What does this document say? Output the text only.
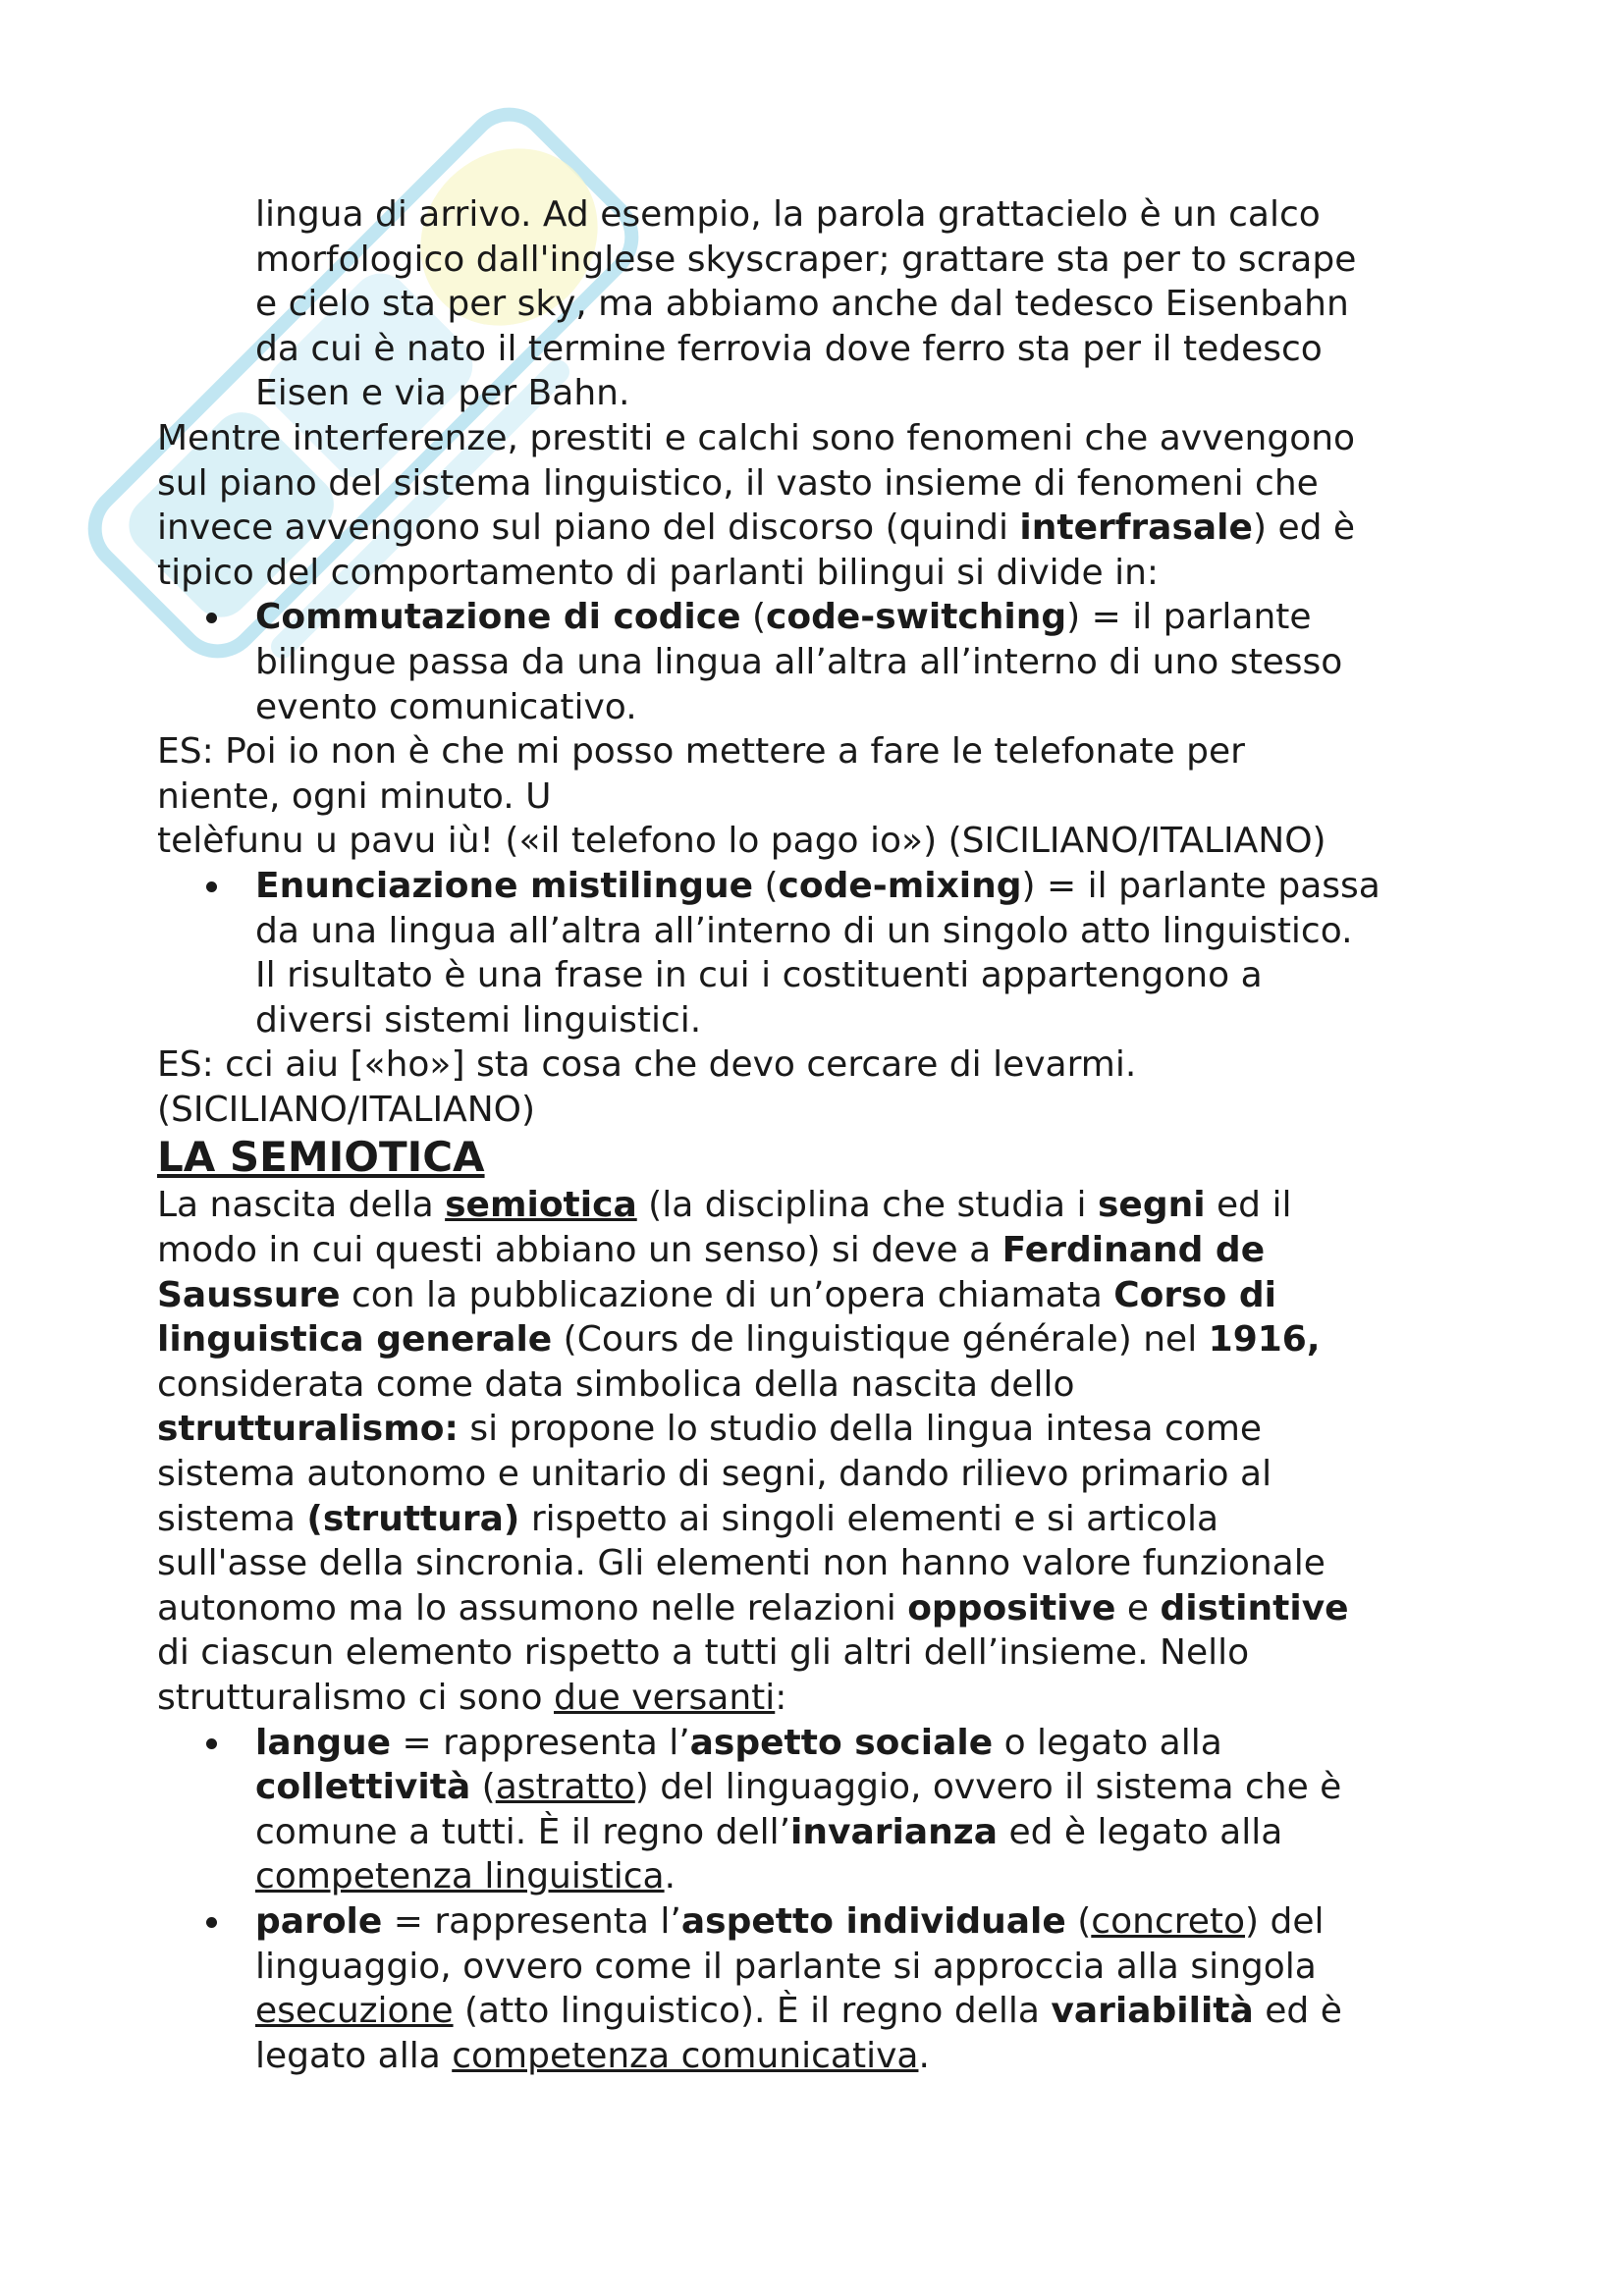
lingua di arrivo. Ad esempio, la parola grattacielo è un calco

morfologico dall'inglese skyscraper; grattare sta per to scrape

e cielo sta per sky, ma abbiamo anche dal tedesco Eisenbahn

da cui è nato il termine ferrovia dove ferro sta per il tedesco

Eisen e via per Bahn.

Mentre interferenze, prestiti e calchi sono fenomeni che avvengono

sul piano del sistema linguistico, il vasto insieme di fenomeni che

invece avvengono sul piano del discorso (quindi interfrasale) ed è

tipico del comportamento di parlanti bilingui si divide in:

Commutazione di codice (code-switching) = il parlante

bilingue passa da una lingua all’altra all’interno di uno stesso

evento comunicativo.

ES: Poi io non è che mi posso mettere a fare le telefonate per

niente, ogni minuto. U

telèfunu u pavu iù! («il telefono lo pago io») (SICILIANO/ITALIANO)

Enunciazione mistilingue (code-mixing) = il parlante passa

da una lingua all’altra all’interno di un singolo atto linguistico.

Il risultato è una frase in cui i costituenti appartengono a

diversi sistemi linguistici.

ES: cci aiu [«ho»] sta cosa che devo cercare di levarmi.

(SICILIANO/ITALIANO)

LA SEMIOTICA

La nascita della semiotica (la disciplina che studia i segni ed il

modo in cui questi abbiano un senso) si deve a Ferdinand de

Saussure con la pubblicazione di un’opera chiamata Corso di

linguistica generale (Cours de linguistique générale) nel 1916,

considerata come data simbolica della nascita dello

strutturalismo: si propone lo studio della lingua intesa come

sistema autonomo e unitario di segni, dando rilievo primario al

sistema (struttura) rispetto ai singoli elementi e si articola

sull'asse della sincronia. Gli elementi non hanno valore funzionale

autonomo ma lo assumono nelle relazioni oppositive e distintive

di ciascun elemento rispetto a tutti gli altri dell’insieme. Nello

strutturalismo ci sono due versanti:

langue = rappresenta l’aspetto sociale o legato alla

collettività (astratto) del linguaggio, ovvero il sistema che è

comune a tutti. È il regno dell’invarianza ed è legato alla

competenza linguistica.

parole = rappresenta l’aspetto individuale (concreto) del

linguaggio, ovvero come il parlante si approccia alla singola

esecuzione (atto linguistico). È il regno della variabilità ed è

legato alla competenza comunicativa.
